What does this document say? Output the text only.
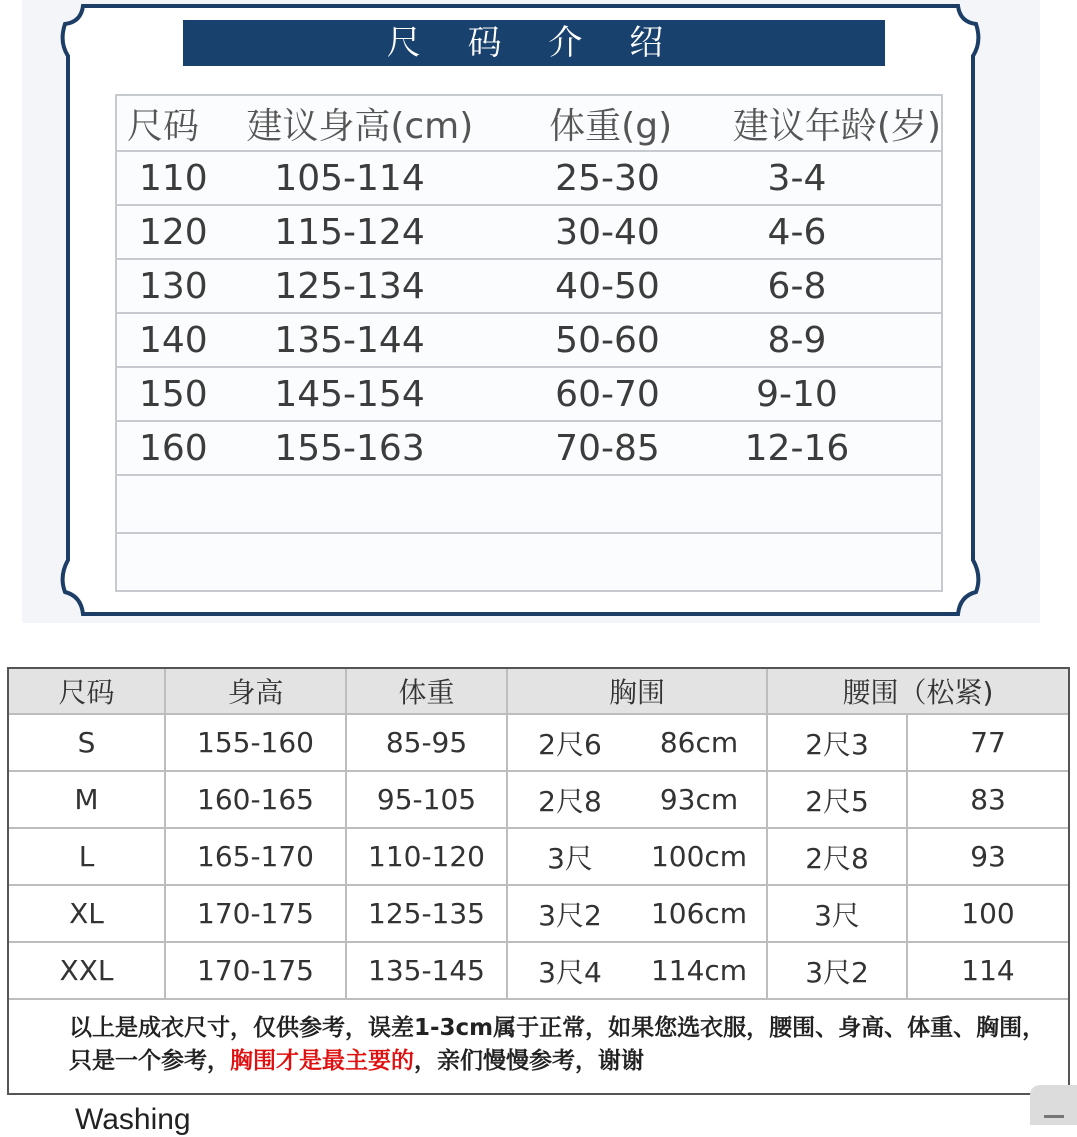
尺 码 介 绍
尺码	建议身高(cm)	体重(g)	建议年龄(岁)
110	105-114	25-30	3-4
120	115-124	30-40	4-6
130	125-134	40-50	6-8
140	135-144	50-60	8-9
150	145-154	60-70	9-10
160	155-163	70-85	12-16

尺码	身高	体重	胸围		腰围（松紧)	
S	155-160	85-95	2尺6	86cm	2尺3	77
M	160-165	95-105	2尺8	93cm	2尺5	83
L	165-170	110-120	3尺	100cm	2尺8	93
XL	170-175	125-135	3尺2	106cm	3尺	100
XXL	170-175	135-145	3尺4	114cm	3尺2	114
以上是成衣尺寸，仅供参考，误差1-3cm属于正常，如果您选衣服，腰围、身高、体重、胸围，只是一个参考，胸围才是最主要的，亲们慢慢参考，谢谢
Washing
